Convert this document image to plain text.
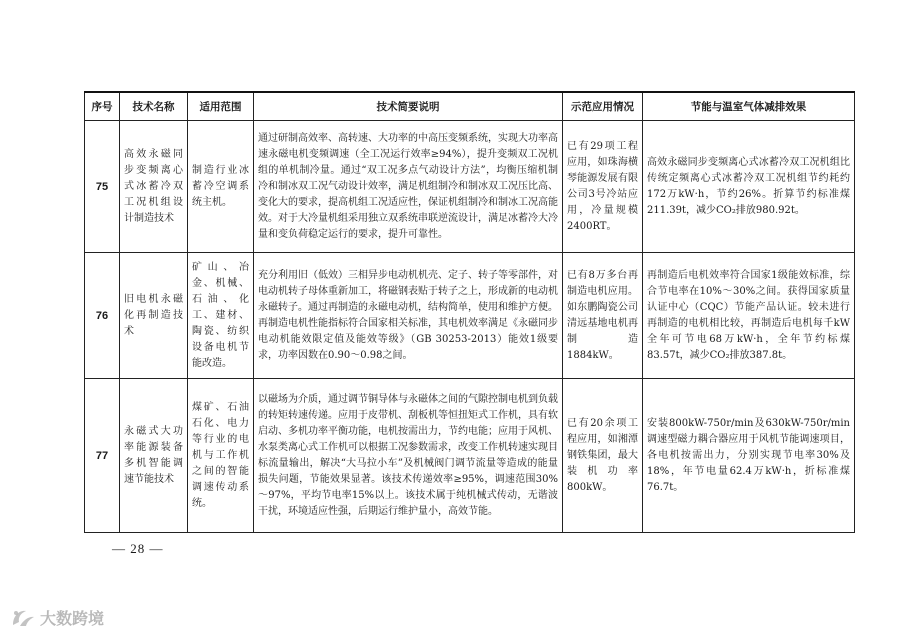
序号	技术名称	适用范围	技术简要说明	示范应用情况	节能与温室气体减排效果
75	高效永磁同步变频离心式冰蓄冷双工况机组设计制造技术	制造行业冰蓄冷空调系统主机。	通过研制高效率、高转速、大功率的中高压变频系统，实现大功率高速永磁电机变频调速（全工况运行效率≥94%），提升变频双工况机组的单机制冷量。通过“双工况多点气动设计方法”，均衡压缩机制冷和制冰双工况气动设计效率，满足机组制冷和制冰双工况压比高、变化大的要求，提高机组工况适应性，保证机组制冷和制冰工况高能效。对于大冷量机组采用独立双系统串联逆流设计，满足冰蓄冷大冷量和变负荷稳定运行的要求，提升可靠性。	已有29项工程应用，如珠海横琴能源发展有限公司3号冷站应用，冷量规模2400RT。	高效永磁同步变频离心式冰蓄冷双工况机组比传统定频离心式冰蓄冷双工况机组节约耗约172万kW·h，节约26%。折算节约标准煤211.39t，减少CO₂排放980.92t。
76	旧电机永磁化再制造技术	矿山、冶金、机械、石油、化工、建材、陶瓷、纺织设备电机节能改造。	充分利用旧（低效）三相异步电动机机壳、定子、转子等零部件，对电动机转子母体重新加工，将磁钢表贴于转子之上，形成新的电动机永磁转子。通过再制造的永磁电动机，结构简单，使用和维护方便。再制造电机性能指标符合国家相关标准，其电机效率满足《永磁同步电动机能效限定值及能效等级》（GB 30253-2013）能效1级要求，功率因数在0.90～0.98之间。	已有8万多台再制造电机应用。如东鹏陶瓷公司清远基地电机再制造1884kW。	再制造后电机效率符合国家1级能效标准，综合节电率在10%～30%之间。获得国家质量认证中心（CQC）节能产品认证。较未进行再制造的电机相比较，再制造后电机每千kW全年可节电68万kW·h，全年节约标煤83.57t，减少CO₂排放387.8t。
77	永磁式大功率能源装备多机智能调速节能技术	煤矿、石油石化、电力等行业的电机与工作机之间的智能调速传动系统。	以磁场为介质，通过调节铜导体与永磁体之间的气隙控制电机到负载的转矩转速传递。应用于皮带机、刮板机等恒扭矩式工作机，具有软启动、多机功率平衡功能，电机按需出力，节约电能；应用于风机、水泵类离心式工作机可以根据工况参数需求，改变工作机转速实现目标流量输出，解决“大马拉小车”及机械阀门调节流量等造成的能量损失问题，节能效果显著。该技术传递效率≥95%，调速范围30%～97%，平均节电率15%以上。该技术属于纯机械式传动，无谐波干扰，环境适应性强，后期运行维护量小，高效节能。	已有20余项工程应用，如湘潭钢铁集团，最大装机功率800kW。	安装800kW-750r/min及630kW-750r/min调速型磁力耦合器应用于风机节能调速项目，各电机按需出力，分别实现节电率30%及18%，年节电量62.4万kW·h，折标准煤76.7t。
— 28 —
大数跨境
